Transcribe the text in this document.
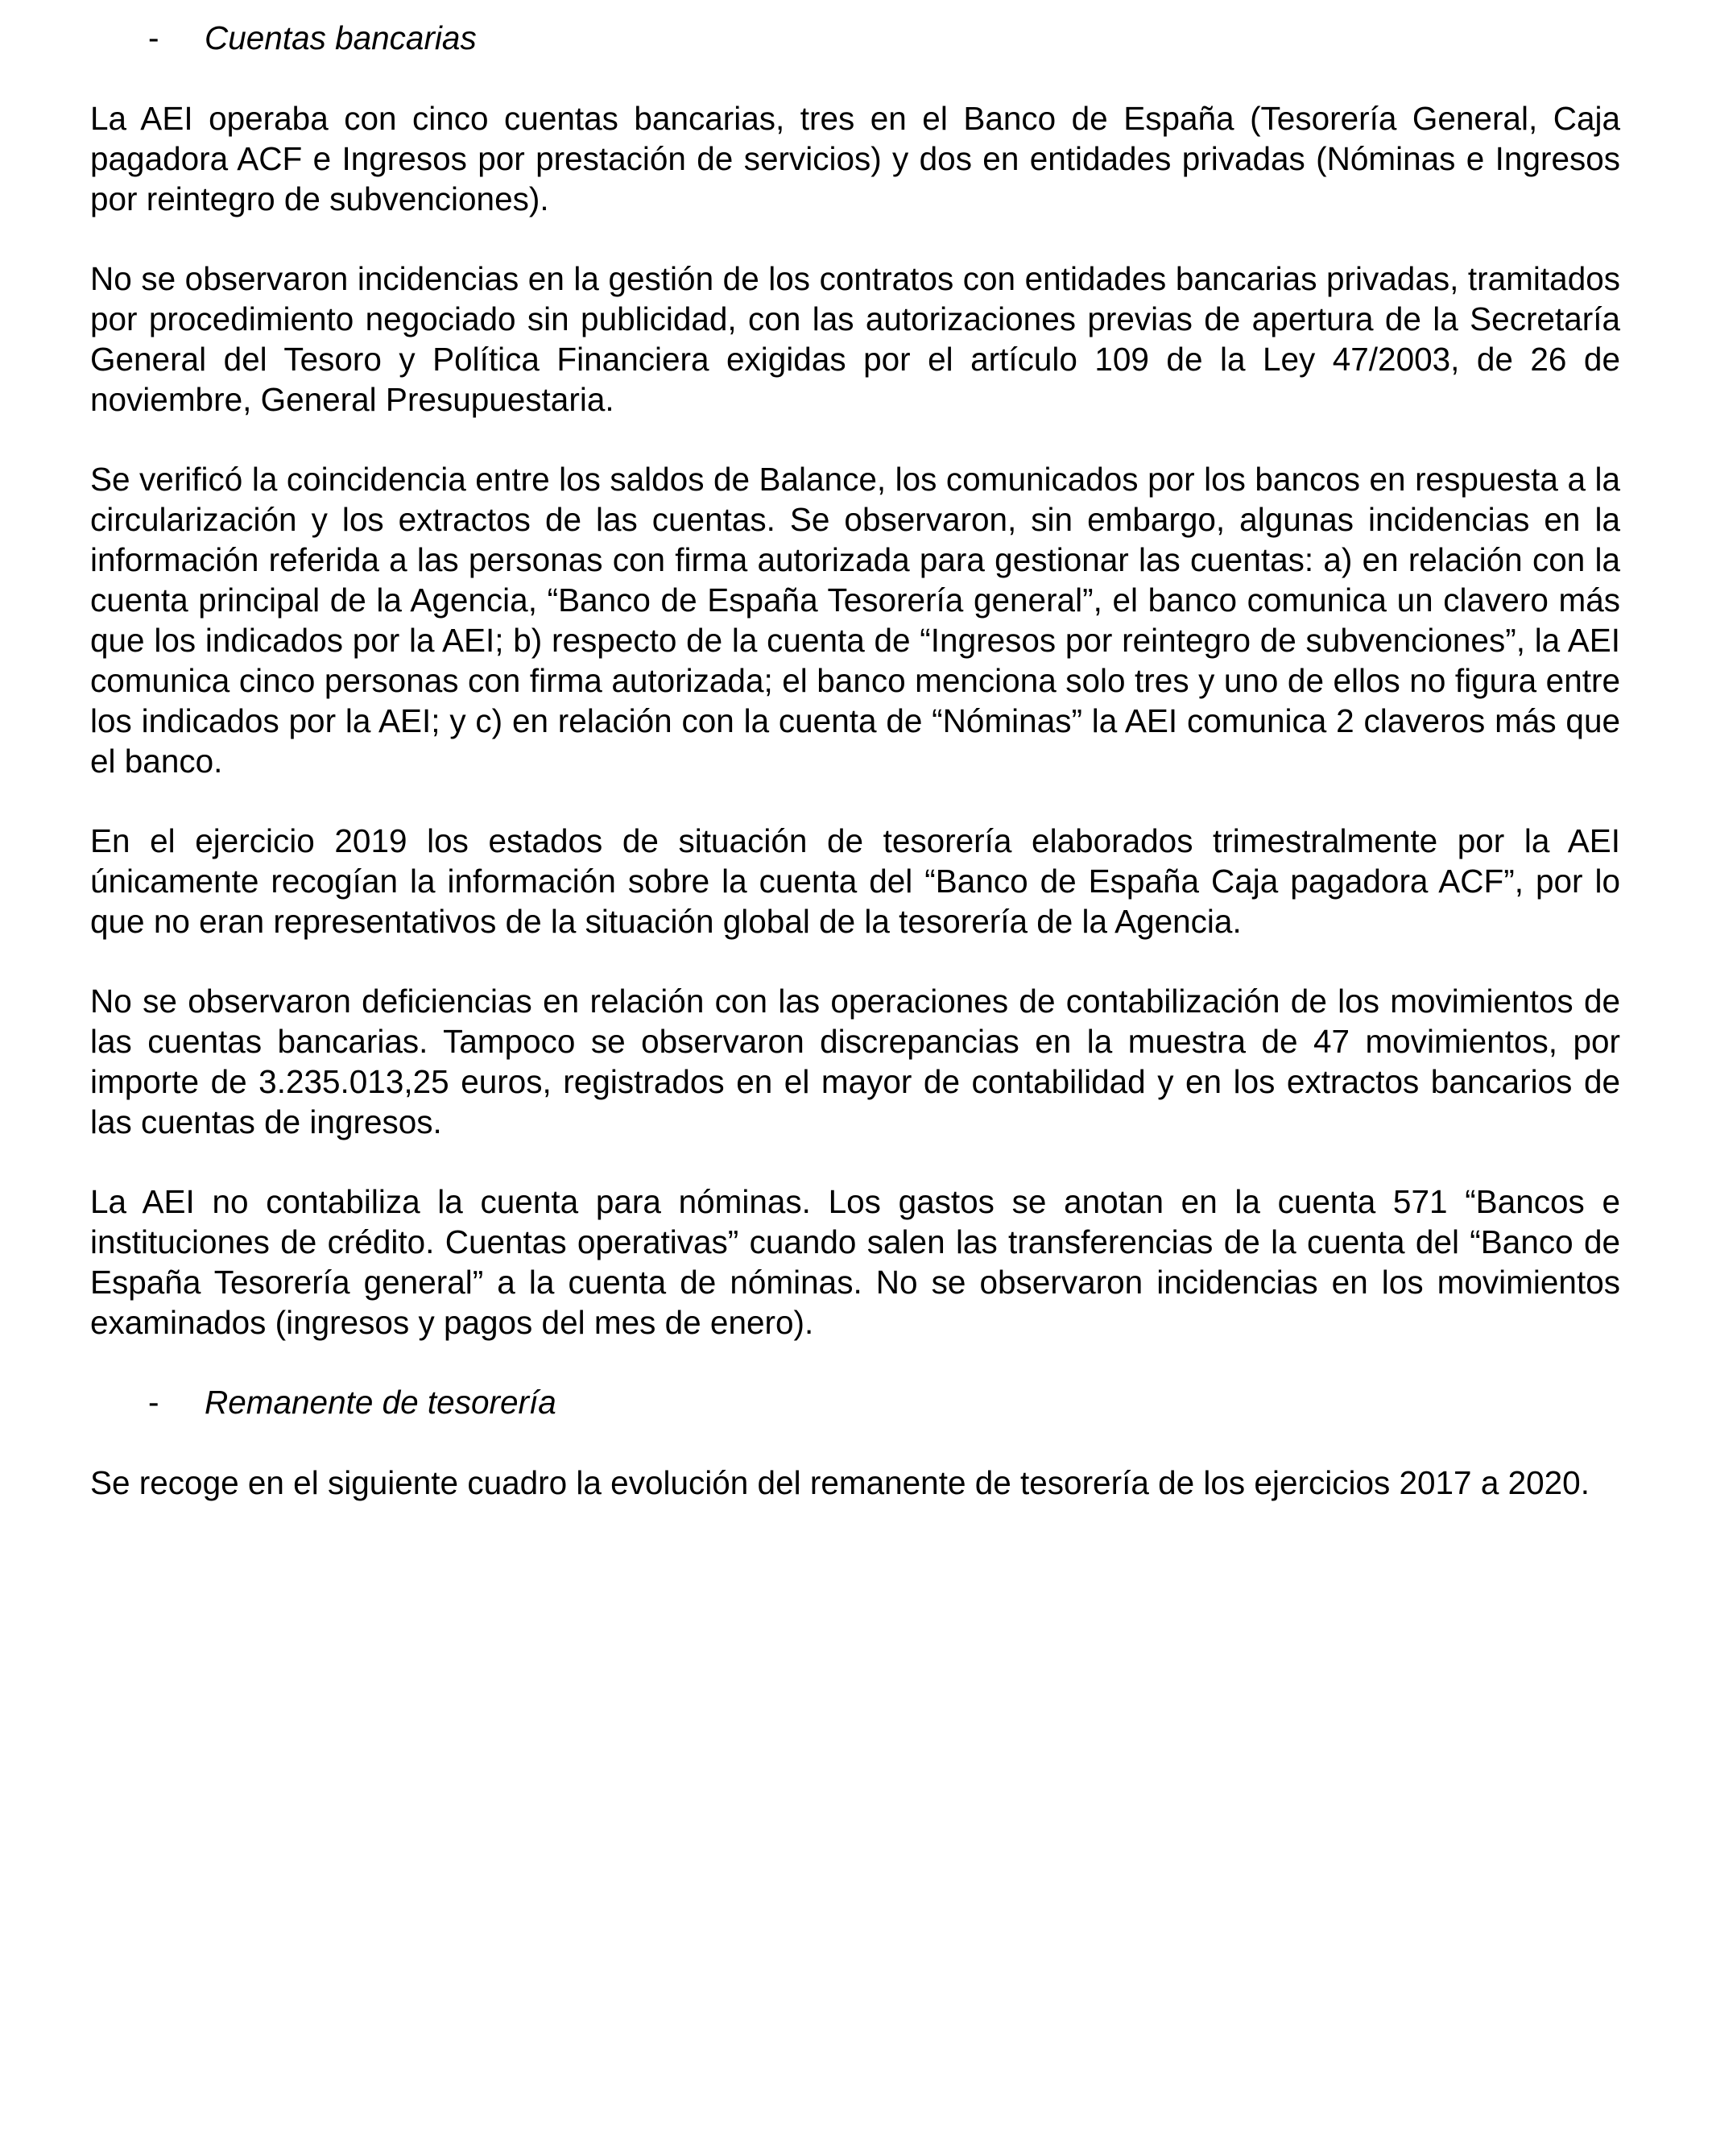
- Cuentas bancarias

La AEI operaba con cinco cuentas bancarias, tres en el Banco de España (Tesorería General, Caja pagadora ACF e Ingresos por prestación de servicios) y dos en entidades privadas (Nóminas e Ingresos por reintegro de subvenciones).

No se observaron incidencias en la gestión de los contratos con entidades bancarias privadas, tramitados por procedimiento negociado sin publicidad, con las autorizaciones previas de apertura de la Secretaría General del Tesoro y Política Financiera exigidas por el artículo 109 de la Ley 47/2003, de 26 de noviembre, General Presupuestaria.

Se verificó la coincidencia entre los saldos de Balance, los comunicados por los bancos en respuesta a la circularización y los extractos de las cuentas. Se observaron, sin embargo, algunas incidencias en la información referida a las personas con firma autorizada para gestionar las cuentas: a) en relación con la cuenta principal de la Agencia, “Banco de España Tesorería general”, el banco comunica un clavero más que los indicados por la AEI; b) respecto de la cuenta de “Ingresos por reintegro de subvenciones”, la AEI comunica cinco personas con firma autorizada; el banco menciona solo tres y uno de ellos no figura entre los indicados por la AEI; y c) en relación con la cuenta de “Nóminas” la AEI comunica 2 claveros más que el banco.

En el ejercicio 2019 los estados de situación de tesorería elaborados trimestralmente por la AEI únicamente recogían la información sobre la cuenta del “Banco de España Caja pagadora ACF”, por lo que no eran representativos de la situación global de la tesorería de la Agencia.

No se observaron deficiencias en relación con las operaciones de contabilización de los movimientos de las cuentas bancarias. Tampoco se observaron discrepancias en la muestra de 47 movimientos, por importe de 3.235.013,25 euros, registrados en el mayor de contabilidad y en los extractos bancarios de las cuentas de ingresos.

La AEI no contabiliza la cuenta para nóminas. Los gastos se anotan en la cuenta 571 “Bancos e instituciones de crédito. Cuentas operativas” cuando salen las transferencias de la cuenta del “Banco de España Tesorería general” a la cuenta de nóminas. No se observaron incidencias en los movimientos examinados (ingresos y pagos del mes de enero).

- Remanente de tesorería

Se recoge en el siguiente cuadro la evolución del remanente de tesorería de los ejercicios 2017 a 2020.
